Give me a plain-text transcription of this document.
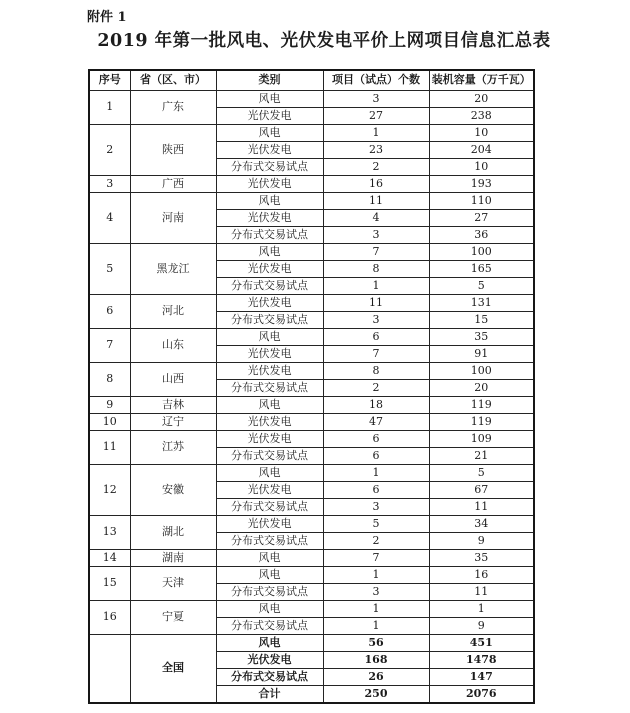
附件 1
2019 年第一批风电、光伏发电平价上网项目信息汇总表
序号	省（区、市）	类别	项目（试点）个数	装机容量（万千瓦）
1	广东	风电	3	20
		光伏发电	27	238
2	陕西	风电	1	10
		光伏发电	23	204
		分布式交易试点	2	10
3	广西	光伏发电	16	193
4	河南	风电	11	110
		光伏发电	4	27
		分布式交易试点	3	36
5	黑龙江	风电	7	100
		光伏发电	8	165
		分布式交易试点	1	5
6	河北	光伏发电	11	131
		分布式交易试点	3	15
7	山东	风电	6	35
		光伏发电	7	91
8	山西	光伏发电	8	100
		分布式交易试点	2	20
9	吉林	风电	18	119
10	辽宁	光伏发电	47	119
11	江苏	光伏发电	6	109
		分布式交易试点	6	21
12	安徽	风电	1	5
		光伏发电	6	67
		分布式交易试点	3	11
13	湖北	光伏发电	5	34
		分布式交易试点	2	9
14	湖南	风电	7	35
15	天津	风电	1	16
		分布式交易试点	3	11
16	宁夏	风电	1	1
		分布式交易试点	1	9
	全国	风电	56	451
		光伏发电	168	1478
		分布式交易试点	26	147
		合计	250	2076
